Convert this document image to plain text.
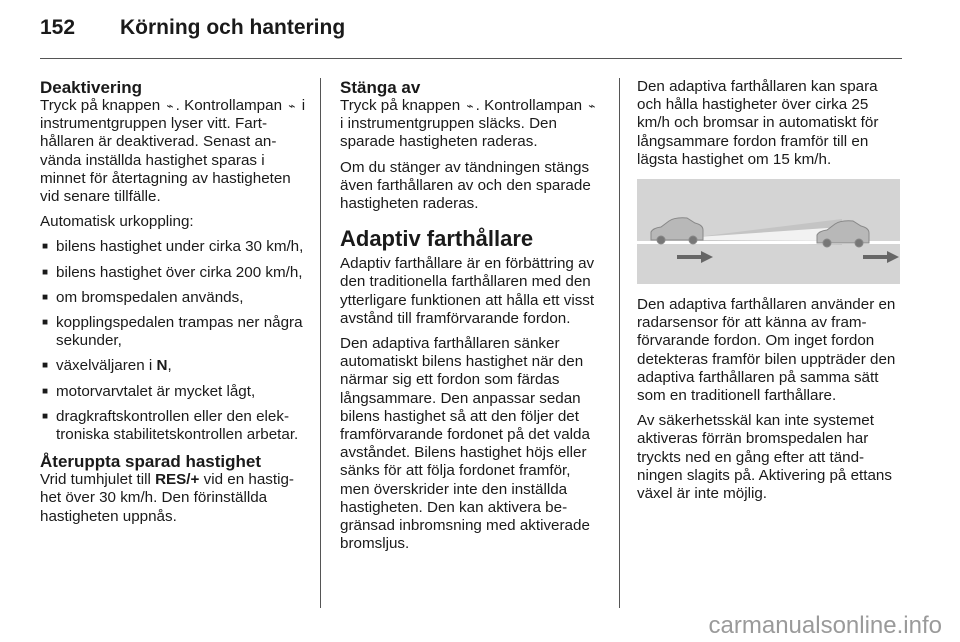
152	Körning och hantering
Deaktivering

Tryck på knappen ⌁ . Kontrollampan ⌁ i instrumentgruppen lyser vitt. Farthållaren är deaktiverad. Senast använda inställda hastighet sparas i minnet för återtagning av hastigheten vid senare tillfälle.

Automatisk urkoppling:

■ bilens hastighet under cirka 30 km/h,
■ bilens hastighet över cirka 200 km/h,
■ om bromspedalen används,
■ kopplingspedalen trampas ner några sekunder,
■ växelväljaren i N,
■ motorvarvtalet är mycket lågt,
■ dragkraftskontrollen eller den elektroniska stabilitetskontrollen arbetar.
Återuppta sparad hastighet

Vrid tumhjulet till RES/+ vid en hastighet över 30 km/h. Den förinställda hastigheten uppnås.

Stänga av

Tryck på knappen ⌁ . Kontrollampan ⌁ i instrumentgruppen släcks. Den sparade hastigheten raderas.

Om du stänger av tändningen stängs även farthållaren av och den sparade hastigheten raderas.

Adaptiv farthållare

Adaptiv farthållare är en förbättring av den traditionella farthållaren med den ytterligare funktionen att hålla ett visst avstånd till framförvarande fordon.

Den adaptiva farthållaren sänker automatiskt bilens hastighet när den närmar sig ett fordon som färdas långsammare. Den anpassar sedan bilens hastighet så att den följer det framförvarande fordonet på det valda avståndet. Bilens hastighet höjs eller sänks för att följa fordonet framför, men överskrider inte den inställda hastigheten. Den kan aktivera begränsad inbromsning med aktiverade bromsljus.

Den adaptiva farthållaren kan spara och hålla hastigheter över cirka 25 km/h och bromsar in automatiskt för långsammare fordon framför till en lägsta hastighet om 15 km/h.

Den adaptiva farthållaren använder en radarsensor för att känna av framförvarande fordon. Om inget fordon detekteras framför bilen uppträder den adaptiva farthållaren på samma sätt som en traditionell farthållare.

Av säkerhetsskäl kan inte systemet aktiveras förrän bromspedalen har tryckts ned en gång efter att tändningen slagits på. Aktivering på ettans växel är inte möjlig.

carmanualsonline.info
